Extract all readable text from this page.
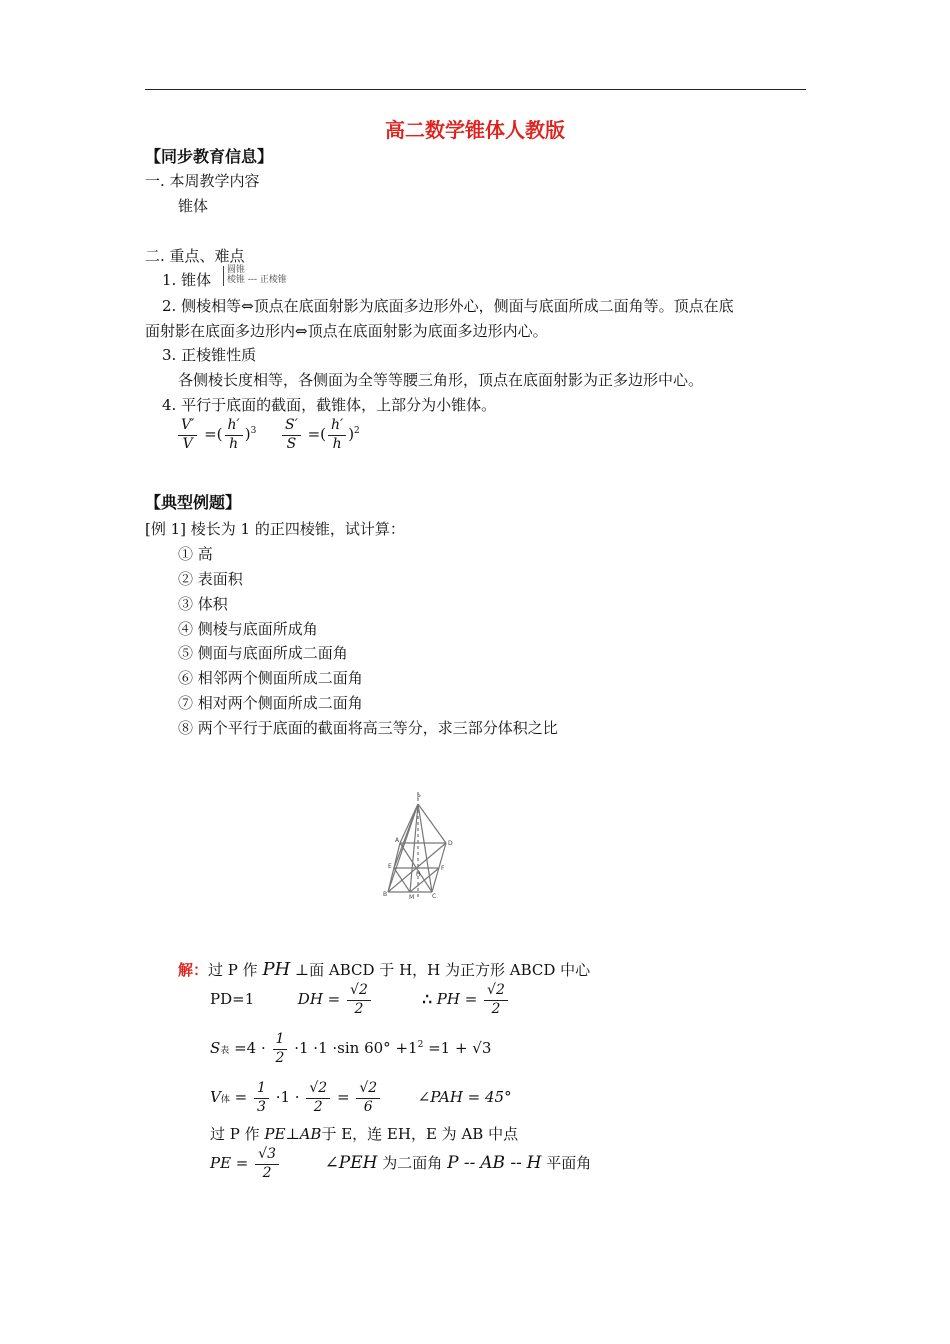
高二数学锥体人教版
【同步教育信息】
一. 本周教学内容
锥体
二. 重点、难点
1. 锥体
圆锥
棱锥 --- 正棱锥
2. 侧棱相等⇔顶点在底面射影为底面多边形外心，侧面与底面所成二面角等。顶点在底
面射影在底面多边形内⇔顶点在底面射影为底面多边形内心。
3. 正棱锥性质
各侧棱长度相等，各侧面为全等等腰三角形，顶点在底面射影为正多边形中心。
4. 平行于底面的截面，截锥体，上部分为小锥体。
$\frac{V'}{V}$ =( $\frac{h'}{h} )^3 \frac{S'}{S}$ =( $\frac{h'}{h} )^2$
【典型例题】
[例 1] 棱长为 1 的正四棱锥，试计算：
① 高
② 表面积
③ 体积
④ 侧棱与底面所成角
⑤ 侧面与底面所成二面角
⑥ 相邻两个侧面所成二面角
⑦ 相对两个侧面所成二面角
⑧ 两个平行于底面的截面将高三等分，求三部分体积之比
P
A	D
E	F
H
B	M	C
解：过 P 作 PH ⊥面 ABCD 于 H，H 为正方形 ABCD 中心
PD=1	DH = $\frac{√2}{2}$	∴ PH = $\frac{√2}{2}$
S表 $=4 \cdot \frac{1}{2} \cdot 1 \cdot 1 \cdot\sin$ $60^\circ +1^2 =1 + √3$
V体 = $\frac{1}{3} \cdot 1 \cdot \frac{√2}{2} = \frac{√2}{6}$	∠PAH = 45°
过 P 作 PE⊥AB于 E，连 EH，E 为 AB 中点
PE = $\frac{√3}{2}$	∠PEH 为二面角 P -- AB -- H 平面角
